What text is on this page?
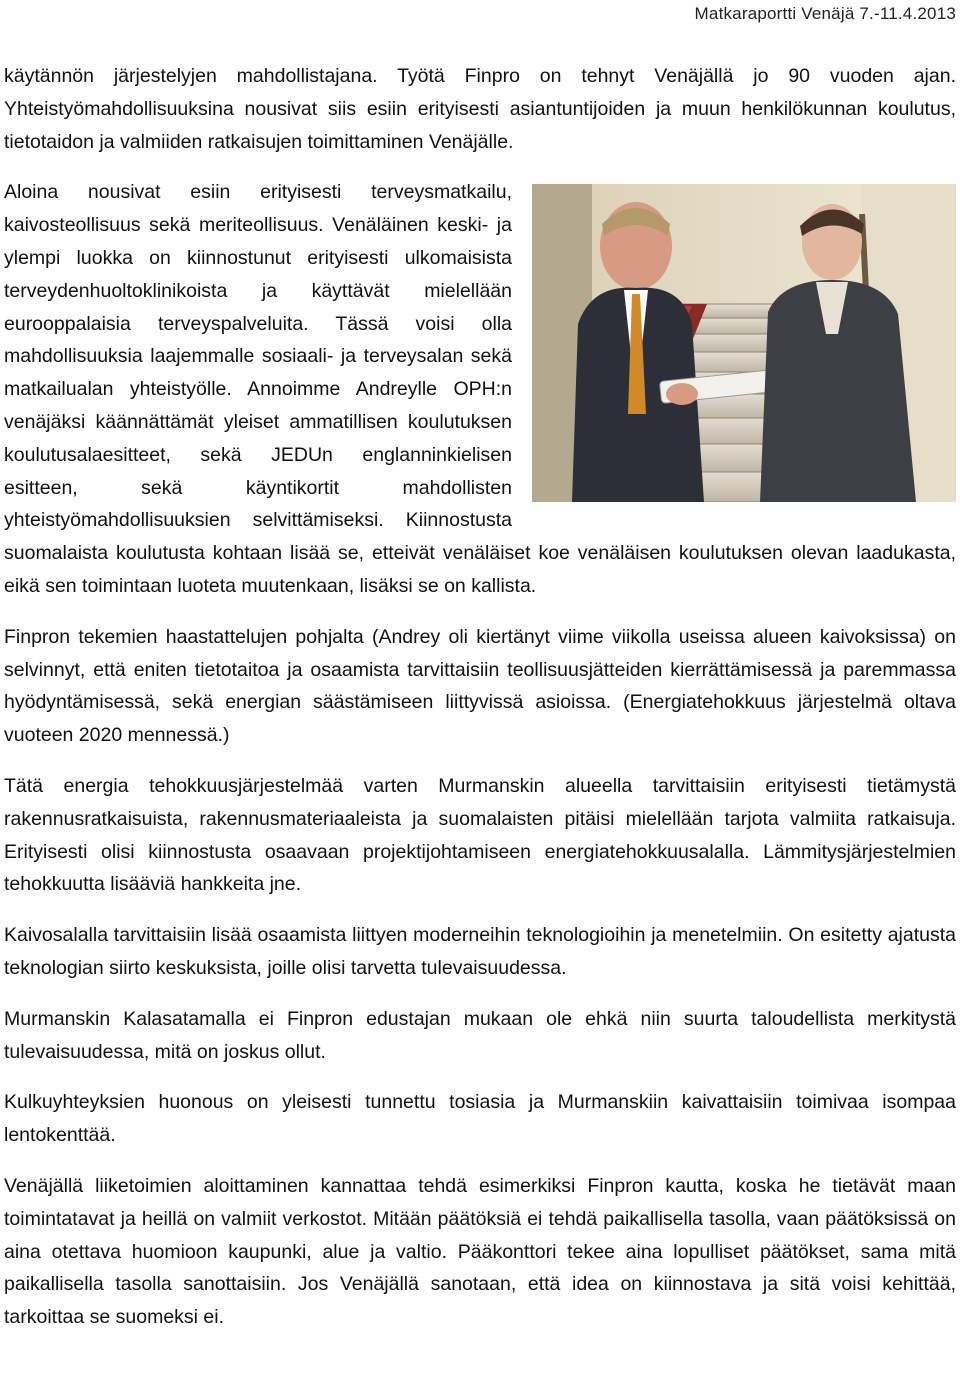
Matkaraportti Venäjä 7.-11.4.2013

käytännön järjestelyjen mahdollistajana. Työtä Finpro on tehnyt Venäjällä jo 90 vuoden ajan. Yhteistyömahdollisuuksina nousivat siis esiin erityisesti asiantuntijoiden ja muun henkilökunnan koulutus, tietotaidon ja valmiiden ratkaisujen toimittaminen Venäjälle.

Aloina nousivat esiin erityisesti terveysmatkailu, kaivosteollisuus sekä meriteollisuus. Venäläinen keski- ja ylempi luokka on kiinnostunut erityisesti ulkomaisista terveydenhuoltoklinikoista ja käyttävät mielellään eurooppalaisia terveyspalveluita. Tässä voisi olla mahdollisuuksia laajemmalle sosiaali- ja terveysalan sekä matkailualan yhteistyölle. Annoimme Andreylle OPH:n venäjäksi käännättämät yleiset ammatillisen koulutuksen koulutusalaesitteet, sekä JEDUn englanninkielisen esitteen, sekä käyntikortit mahdollisten yhteistyömahdollisuuksien selvittämiseksi. Kiinnostusta suomalaista koulutusta kohtaan lisää se, etteivät venäläiset koe venäläisen koulutuksen olevan laadukasta, eikä sen toimintaan luoteta muutenkaan, lisäksi se on kallista.

Finpron tekemien haastattelujen pohjalta (Andrey oli kiertänyt viime viikolla useissa alueen kaivoksissa) on selvinnyt, että eniten tietotaitoa ja osaamista tarvittaisiin teollisuusjätteiden kierrättämisessä ja paremmassa hyödyntämisessä, sekä energian säästämiseen liittyvissä asioissa. (Energiatehokkuus järjestelmä oltava vuoteen 2020 mennessä.)

Tätä energia tehokkuusjärjestelmää varten Murmanskin alueella tarvittaisiin erityisesti tietämystä rakennusratkaisuista, rakennusmateriaaleista ja suomalaisten pitäisi mielellään tarjota valmiita ratkaisuja. Erityisesti olisi kiinnostusta osaavaan projektijohtamiseen energiatehokkuusalalla. Lämmitysjärjestelmien tehokkuutta lisääviä hankkeita jne.

Kaivosalalla tarvittaisiin lisää osaamista liittyen moderneihin teknologioihin ja menetelmiin. On esitetty ajatusta teknologian siirto keskuksista, joille olisi tarvetta tulevaisuudessa.

Murmanskin Kalasatamalla ei Finpron edustajan mukaan ole ehkä niin suurta taloudellista merkitystä tulevaisuudessa, mitä on joskus ollut.

Kulkuyhteyksien huonous on yleisesti tunnettu tosiasia ja Murmanskiin kaivattaisiin toimivaa isompaa lentokenttää.

Venäjällä liiketoimien aloittaminen kannattaa tehdä esimerkiksi Finpron kautta, koska he tietävät maan toimintatavat ja heillä on valmiit verkostot. Mitään päätöksiä ei tehdä paikallisella tasolla, vaan päätöksissä on aina otettava huomioon kaupunki, alue ja valtio. Pääkonttori tekee aina lopulliset päätökset, sama mitä paikallisella tasolla sanottaisiin. Jos Venäjällä sanotaan, että idea on kiinnostava ja sitä voisi kehittää, tarkoittaa se suomeksi ei.
